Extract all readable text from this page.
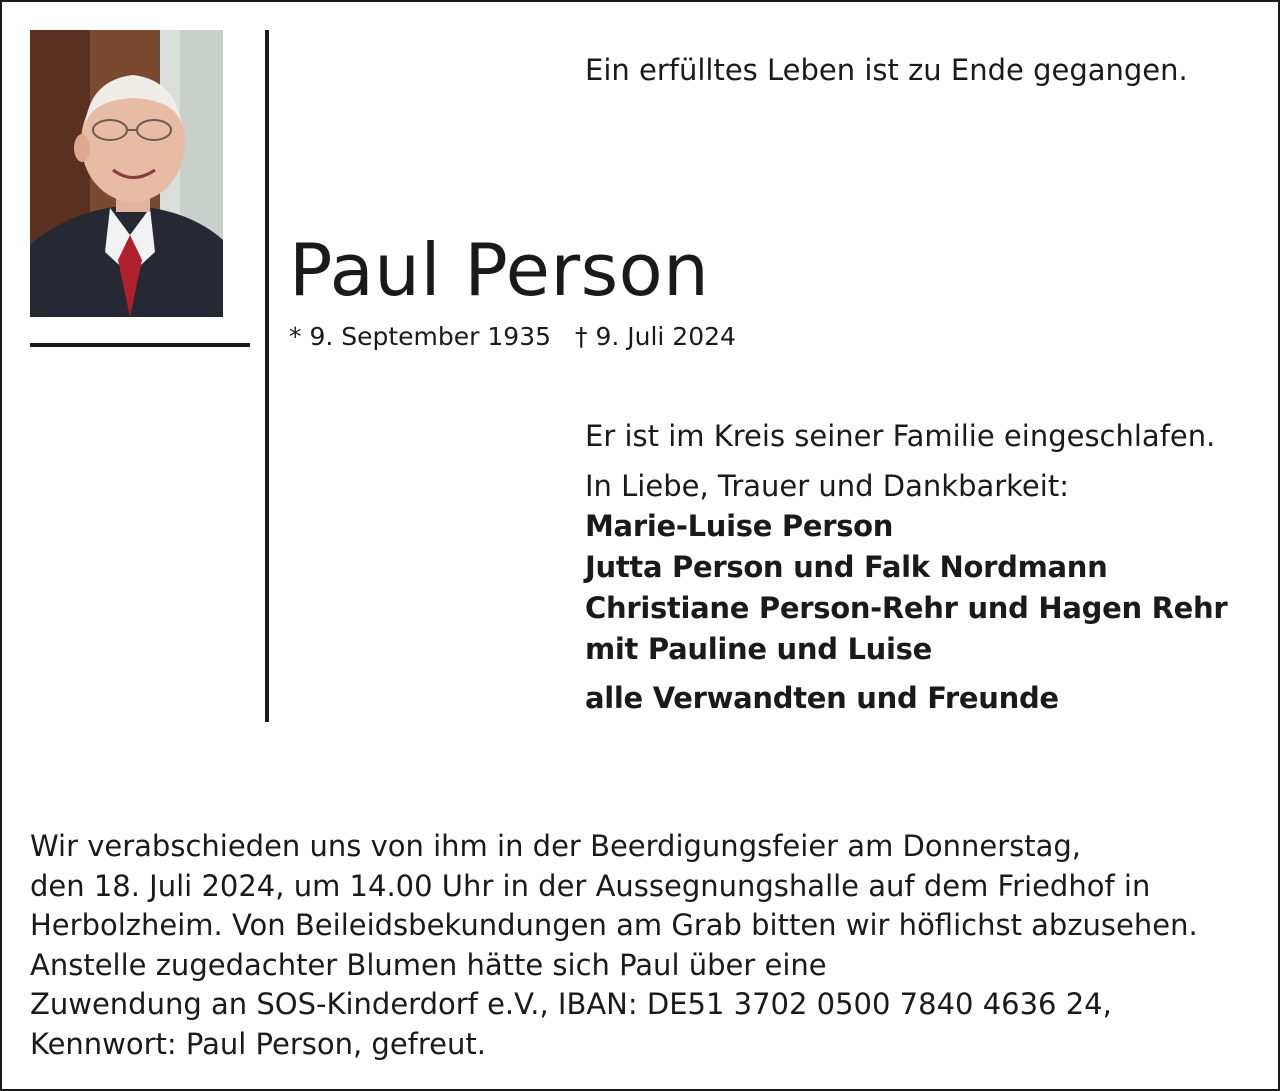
Ein erfülltes Leben ist zu Ende gegangen.
Paul Person
* 9. September 1935 † 9. Juli 2024
Er ist im Kreis seiner Familie eingeschlafen.
In Liebe, Trauer und Dankbarkeit:
Marie-Luise Person
Jutta Person und Falk Nordmann
Christiane Person-Rehr und Hagen Rehr
mit Pauline und Luise
alle Verwandten und Freunde
Wir verabschieden uns von ihm in der Beerdigungsfeier am Donnerstag,
den 18. Juli 2024, um 14.00 Uhr in der Aussegnungshalle auf dem Friedhof in
Herbolzheim. Von Beileidsbekundungen am Grab bitten wir höflichst abzusehen.
Anstelle zugedachter Blumen hätte sich Paul über eine
Zuwendung an SOS-Kinderdorf e.V., IBAN: DE51 3702 0500 7840 4636 24,
Kennwort: Paul Person, gefreut.
